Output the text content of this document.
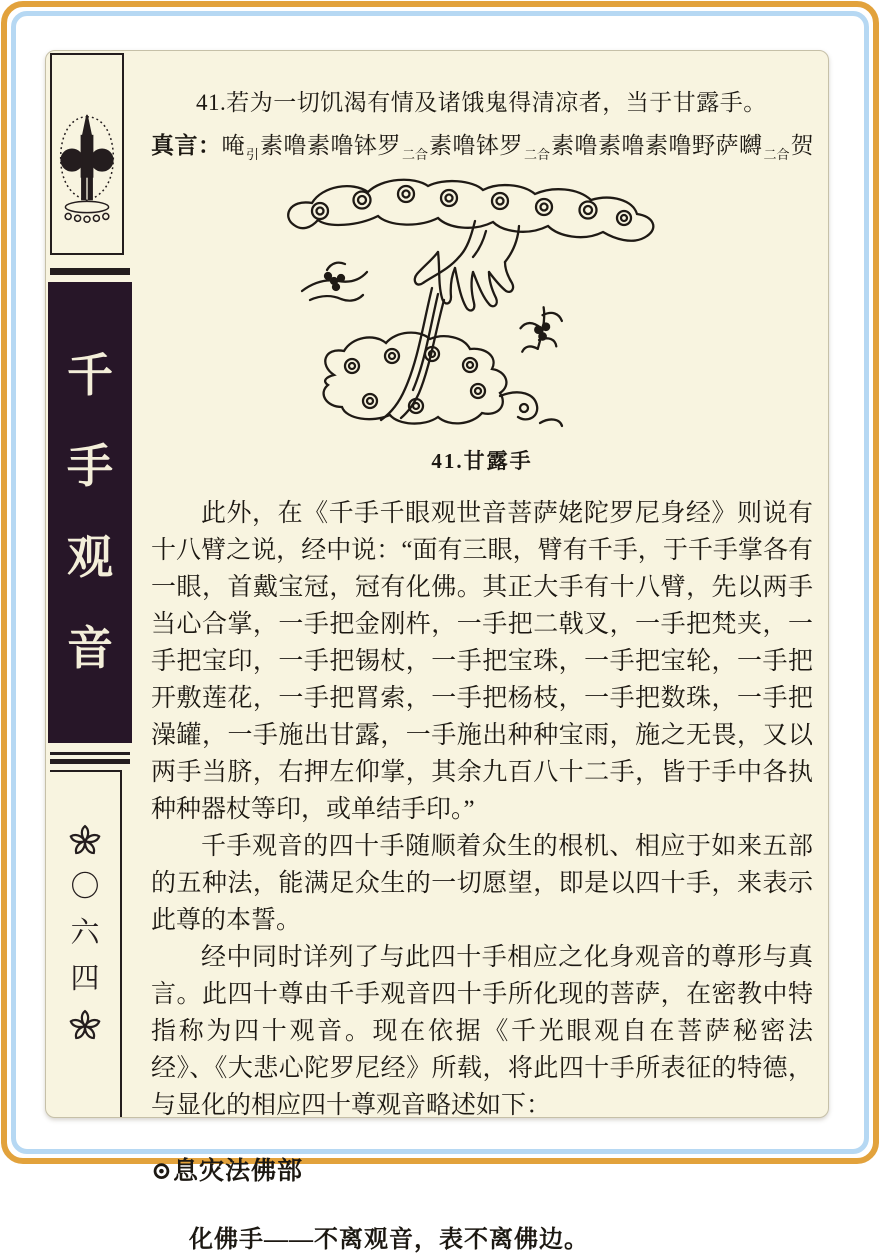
千
手
观
音
〇
六
四

41.若为一切饥渴有情及诸饿鬼得清凉者，当于甘露手。

真言：唵$_引$素噜素噜钵罗$_{二合}$素噜钵罗$_{二合}$素噜素噜素噜野萨嚩$_{二合}$贺

41.甘露手

此外，在《千手千眼观世音菩萨姥陀罗尼身经》则说有十八臂之说，经中说：“面有三眼，臂有千手，于千手掌各有一眼，首戴宝冠，冠有化佛。其正大手有十八臂，先以两手当心合掌，一手把金刚杵，一手把二戟叉，一手把梵夹，一手把宝印，一手把锡杖，一手把宝珠，一手把宝轮，一手把开敷莲花，一手把罥索，一手把杨枝，一手把数珠，一手把澡罐，一手施出甘露，一手施出种种宝雨，施之无畏，又以两手当脐，右押左仰掌，其余九百八十二手，皆于手中各执种种器杖等印，或单结手印。”

千手观音的四十手随顺着众生的根机、相应于如来五部的五种法，能满足众生的一切愿望，即是以四十手，来表示此尊的本誓。

经中同时详列了与此四十手相应之化身观音的尊形与真言。此四十尊由千手观音四十手所化现的菩萨，在密教中特指称为四十观音。现在依据《千光眼观自在菩萨秘密法经》、《大悲心陀罗尼经》所载，将此四十手所表征的特德，与显化的相应四十尊观音略述如下：

⊙息灾法佛部

化佛手——不离观音，表不离佛边。
